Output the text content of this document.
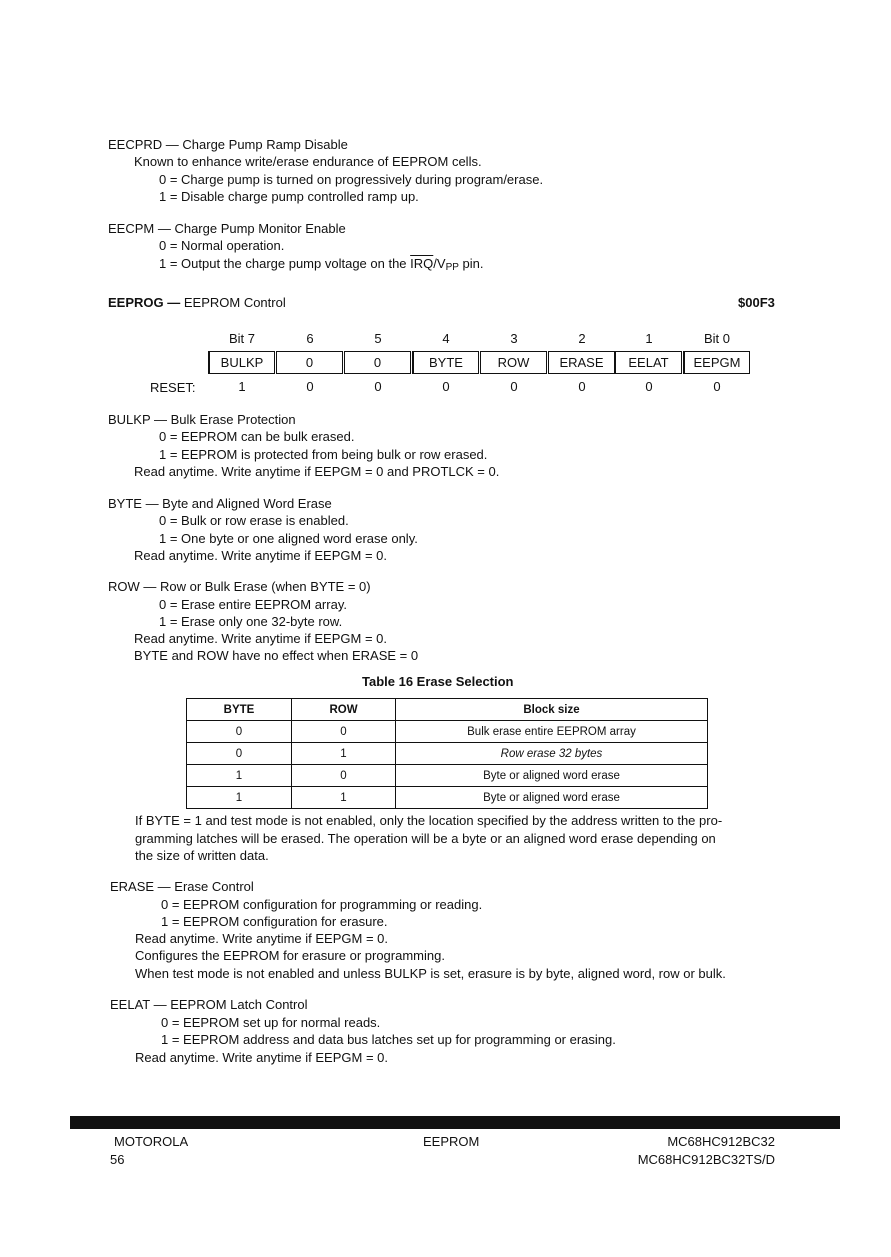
EECPRD — Charge Pump Ramp Disable
Known to enhance write/erase endurance of EEPROM cells.
0 = Charge pump is turned on progressively during program/erase.
1 = Disable charge pump controlled ramp up.
EECPM — Charge Pump Monitor Enable
0 = Normal operation.
1 = Output the charge pump voltage on the $\overline{IRQ}/V_{PP}$ pin.
EEPROG — EEPROM Control	$00F3
Bit 7	6	5	4	3	2	1	Bit 0
BULKP	0	0	BYTE	ROW	ERASE	EELAT	EEPGM
RESET:	1	0	0	0	0	0	0	0
BULKP — Bulk Erase Protection
0 = EEPROM can be bulk erased.
1 = EEPROM is protected from being bulk or row erased.
Read anytime. Write anytime if EEPGM = 0 and PROTLCK = 0.
BYTE — Byte and Aligned Word Erase
0 = Bulk or row erase is enabled.
1 = One byte or one aligned word erase only.
Read anytime. Write anytime if EEPGM = 0.
ROW — Row or Bulk Erase (when BYTE = 0)
0 = Erase entire EEPROM array.
1 = Erase only one 32-byte row.
Read anytime. Write anytime if EEPGM = 0.
BYTE and ROW have no effect when ERASE = 0
Table 16 Erase Selection
BYTE	ROW	Block size
0	0	Bulk erase entire EEPROM array
0	1	Row erase 32 bytes
1	0	Byte or aligned word erase
1	1	Byte or aligned word erase
If BYTE = 1 and test mode is not enabled, only the location specified by the address written to the pro-
gramming latches will be erased. The operation will be a byte or an aligned word erase depending on
the size of written data.
ERASE — Erase Control
0 = EEPROM configuration for programming or reading.
1 = EEPROM configuration for erasure.
Read anytime. Write anytime if EEPGM = 0.
Configures the EEPROM for erasure or programming.
When test mode is not enabled and unless BULKP is set, erasure is by byte, aligned word, row or bulk.
EELAT — EEPROM Latch Control
0 = EEPROM set up for normal reads.
1 = EEPROM address and data bus latches set up for programming or erasing.
Read anytime. Write anytime if EEPGM = 0.
MOTOROLA
56
EEPROM	MC68HC912BC32
MC68HC912BC32TS/D
